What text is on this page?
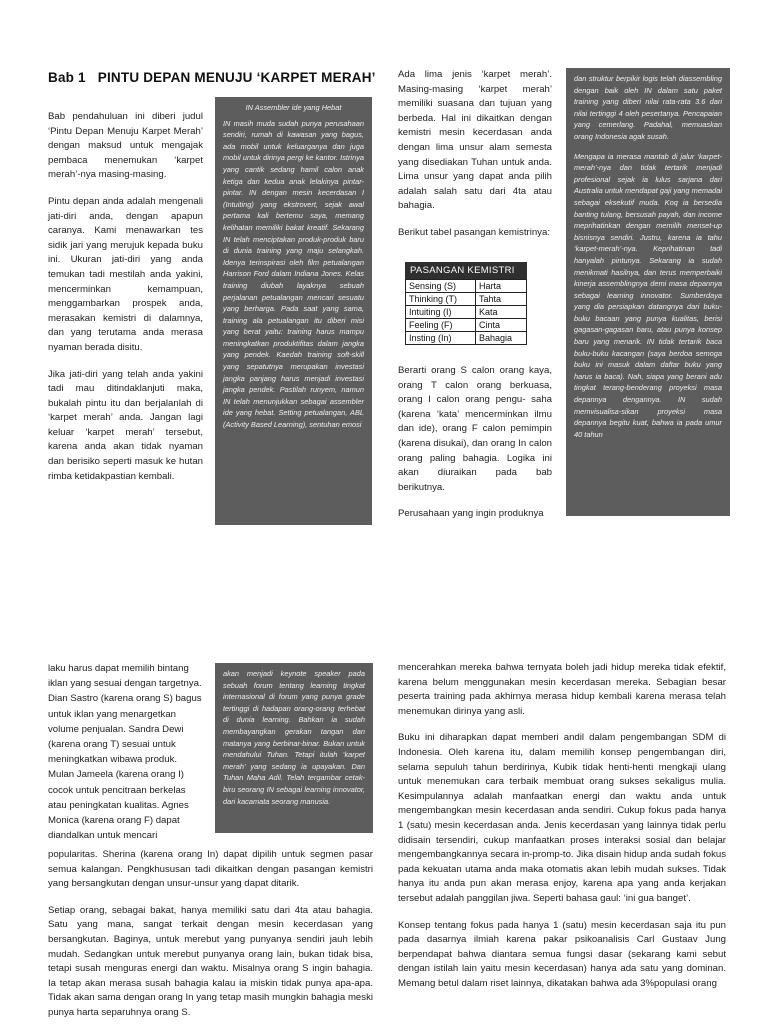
Bab 1 PINTU DEPAN MENUJU ‘KARPET MERAH’

Bab pendahuluan ini diberi judul ‘Pintu Depan Menuju Karpet Merah’ dengan maksud untuk mengajak pembaca menemukan ‘karpet merah’-nya masing-masing.

Pintu depan anda adalah mengenali jati-diri anda, dengan apapun caranya. Kami menawarkan tes sidik jari yang merujuk kepada buku ini. Ukuran jati-diri yang anda temukan tadi mestilah anda yakini, mencerminkan kemampuan, menggambarkan prospek anda, merasakan kemistri di dalamnya, dan yang terutama anda merasa nyaman berada disitu.

Jika jati-diri yang telah anda yakini tadi mau ditindaklanjuti maka, bukalah pintu itu dan berjalanlah di ‘karpet merah’ anda. Jangan lagi keluar ‘karpet merah’ tersebut, karena anda akan tidak nyaman dan berisiko seperti masuk ke hutan rimba ketidakpastian kembali.

IN Assembler ide yang Hebat

IN masih muda sudah punya perusahaan sendiri, rumah di kawasan yang bagus, ada mobil untuk keluarganya dan juga mobil untuk dirinya pergi ke kantor. Istrinya yang cantik sedang hamil calon anak ketiga dan kedua anak lelakinya pintar-pintar. IN dengan mesin kecerdasan I (Intuiting) yang ekstrovert, sejak awal pertama kali bertemu saya, memang kelihatan memiliki bakat kreatif. Sekarang IN telah menciptakan produk-produk baru di dunia training yang maju selangkah. Idenya terinspirasi oleh film petualangan Harrison Ford dalam Indiana Jones. Kelas training diubah layaknya sebuah perjalanan petualangan mencari sesuatu yang berharga. Pada saat yang sama, training ala petualangan itu diberi misi yang berat yaitu: training harus mampu meningkatkan produktifitas dalam jangka yang pendek. Kaedah training soft-skill yang sepatutnya merupakan investasi jangka panjang harus menjadi investasi jangka pendek. Pastilah runyem, namun IN telah menunjukkan sebagai assembler ide yang hebat. Setting petualangan, ABL (Activity Based Learning), sentuhan emosi

Ada lima jenis ‘karpet merah’. Masing-masing ‘karpet merah’ memiliki suasana dan tujuan yang berbeda. Hal ini dikaitkan dengan kemistri mesin kecerdasan anda dengan lima unsur alam semesta yang disediakan Tuhan untuk anda. Lima unsur yang dapat anda pilih adalah salah satu dari 4ta atau bahagia.

Berikut tabel pasangan kemistrinya:

PASANGAN KEMISTRI
Sensing (S)	Harta
Thinking (T)	Tahta
Intuiting (I)	Kata
Feeling (F)	Cinta
Insting (In)	Bahagia

Berarti orang S calon orang kaya, orang T calon orang berkuasa, orang I calon orang pengu- saha (karena ‘kata’ mencerminkan ilmu dan ide), orang F calon pemimpin (karena disukai), dan orang In calon orang paling bahagia. Logika ini akan diuraikan pada bab berikutnya.

Perusahaan yang ingin produknya

dan struktur berpikir logis telah diassembling dengan baik oleh IN dalam satu paket training yang diberi nilai rata-rata 3.6 dari nilai tertinggi 4 oleh pesertanya. Pencapaian yang cemerlang. Padahal, memuaskan orang Indonesia agak susah.

Mengapa ia merasa mantab di jalur ‘karpet-merah’-nya dan tidak tertarik menjadi profesional sejak ia lulus sarjana dari Australia untuk mendapat gaji yang memadai sebagai eksekutif muda. Koq ia bersedia banting tulang, bersusah payah, dan income meprihatinkan dengan memilih menset-up bisnisnya sendiri. Justru, karena ia tahu ‘karpet-merah’-nya. Keprihatinan tadi hanyalah pintunya. Sekarang ia sudah menikmati hasilnya, dan terus memperbaiki kinerja assemblingnya demi masa depannya sebagai learning innovator. Sumberdaya yang dia persiapkan datangnya dari buku-buku bacaan yang punya kualitas, berisi gagasan-gagasan baru, atau punya konsep baru yang menarik. IN tidak tertarik baca buku-buku kacangan (saya berdoa semoga buku ini masuk dalam daftar buku yang harus ia baca). Nah, siapa yang berani adu tingkat terang-benderang proyeksi masa depannya dengannya. IN sudah memvisualisa-sikan proyeksi masa depannya begitu kuat, bahwa ia pada umur 40 tahun

laku harus dapat memilih bintang
iklan yang sesuai dengan targetnya.
Dian Sastro (karena orang S) bagus
untuk iklan yang menargetkan
volume penjualan. Sandra Dewi
(karena orang T) sesuai untuk
meningkatkan wibawa produk.
Mulan Jameela (karena orang I)
cocok untuk pencitraan berkelas
atau peningkatan kualitas. Agnes
Monica (karena orang F) dapat
diandalkan untuk mencari

akan menjadi keynote speaker pada sebuah forum tentang learning tingkat internasional di forum yang punya grade tertinggi di hadapan orang-orang terhebat di dunia learning. Bahkan ia sudah membayangkan gerakan tangan dan matanya yang berbinar-binar. Bukan untuk mendahului Tuhan. Tetapi itulah ‘karpet merah’ yang sedang ia upayakan. Dan Tuhan Maha Adil. Telah tergambar cetak-biru seorang IN sebagai learning innovator, dari kacamata seorang manusia.

popularitas. Sherina (karena orang In) dapat dipilih untuk segmen pasar semua kalangan. Pengkhususan tadi dikaitkan dengan pasangan kemistri yang bersangkutan dengan unsur-unsur yang dapat ditarik.

Setiap orang, sebagai bakat, hanya memiliki satu dari 4ta atau bahagia. Satu yang mana, sangat terkait dengan mesin kecerdasan yang bersangkutan. Baginya, untuk merebut yang punyanya sendiri jauh lebih mudah. Sedangkan untuk merebut punyanya orang lain, bukan tidak bisa, tetapi susah menguras energi dan waktu. Misalnya orang S ingin bahagia. Ia tetap akan merasa susah bahagia kalau ia miskin tidak punya apa-apa. Tidak akan sama dengan orang In yang tetap masih mungkin bahagia meski punya harta separuhnya orang S.

mencerahkan mereka bahwa ternyata boleh jadi hidup mereka tidak efektif, karena belum menggunakan mesin kecerdasan mereka. Sebagian besar peserta training pada akhirnya merasa hidup kembali karena merasa telah menemukan dirinya yang asli.

Buku ini diharapkan dapat memberi andil dalam pengembangan SDM di Indonesia. Oleh karena itu, dalam memilih konsep pengembangan diri, selama sepuluh tahun berdirinya, Kubik tidak henti-henti mengkaji ulang untuk menemukan cara terbaik membuat orang sukses sekaligus mulia. Kesimpulannya adalah manfaatkan energi dan waktu anda untuk mengembangkan mesin kecerdasan anda sendiri. Cukup fokus pada hanya 1 (satu) mesin kecerdasan anda. Jenis kecerdasan yang lainnya tidak perlu didisain tersendiri, cukup manfaatkan proses interaksi sosial dan belajar mengembangkannya secara in-promp-to. Jika disain hidup anda sudah fokus pada kekuatan utama anda maka otomatis akan lebih mudah sukses. Tidak hanya itu anda pun akan merasa enjoy, karena apa yang anda kerjakan tersebut adalah panggilan jiwa. Seperti bahasa gaul: ‘ini gua banget’.

Konsep tentang fokus pada hanya 1 (satu) mesin kecerdasan saja itu pun pada dasarnya ilmiah karena pakar psikoanalisis Carl Gustaav Jung berpendapat bahwa diantara semua fungsi dasar (sekarang kami sebut dengan istilah lain yaitu mesin kecerdasan) hanya ada satu yang dominan. Memang betul dalam riset lainnya, dikatakan bahwa ada 3%populasi orang
